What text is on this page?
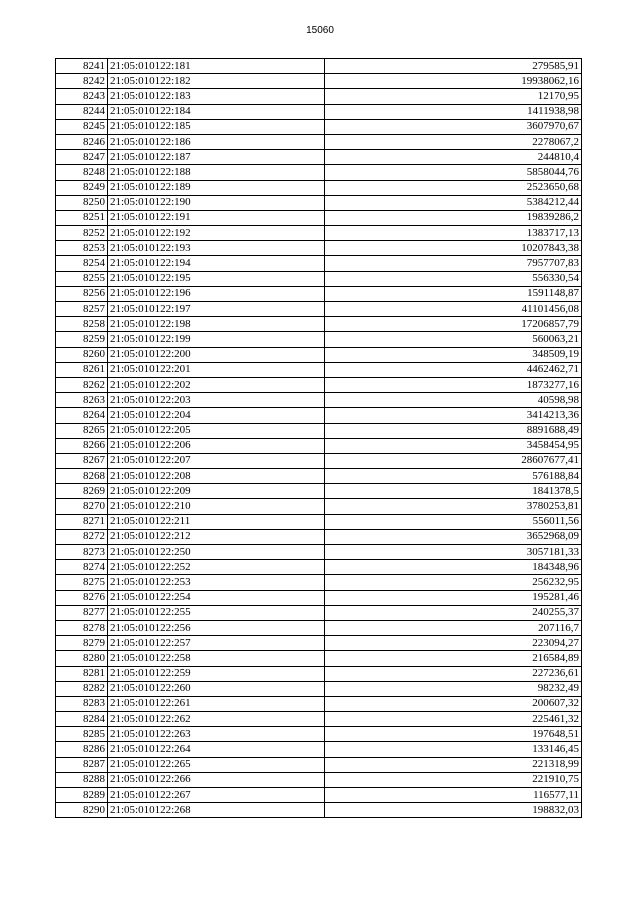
15060
8241	21:05:010122:181	279585,91
8242	21:05:010122:182	19938062,16
8243	21:05:010122:183	12170,95
8244	21:05:010122:184	1411938,98
8245	21:05:010122:185	3607970,67
8246	21:05:010122:186	2278067,2
8247	21:05:010122:187	244810,4
8248	21:05:010122:188	5858044,76
8249	21:05:010122:189	2523650,68
8250	21:05:010122:190	5384212,44
8251	21:05:010122:191	19839286,2
8252	21:05:010122:192	1383717,13
8253	21:05:010122:193	10207843,38
8254	21:05:010122:194	7957707,83
8255	21:05:010122:195	556330,54
8256	21:05:010122:196	1591148,87
8257	21:05:010122:197	41101456,08
8258	21:05:010122:198	17206857,79
8259	21:05:010122:199	560063,21
8260	21:05:010122:200	348509,19
8261	21:05:010122:201	4462462,71
8262	21:05:010122:202	1873277,16
8263	21:05:010122:203	40598,98
8264	21:05:010122:204	3414213,36
8265	21:05:010122:205	8891688,49
8266	21:05:010122:206	3458454,95
8267	21:05:010122:207	28607677,41
8268	21:05:010122:208	576188,84
8269	21:05:010122:209	1841378,5
8270	21:05:010122:210	3780253,81
8271	21:05:010122:211	556011,56
8272	21:05:010122:212	3652968,09
8273	21:05:010122:250	3057181,33
8274	21:05:010122:252	184348,96
8275	21:05:010122:253	256232,95
8276	21:05:010122:254	195281,46
8277	21:05:010122:255	240255,37
8278	21:05:010122:256	207116,7
8279	21:05:010122:257	223094,27
8280	21:05:010122:258	216584,89
8281	21:05:010122:259	227236,61
8282	21:05:010122:260	98232,49
8283	21:05:010122:261	200607,32
8284	21:05:010122:262	225461,32
8285	21:05:010122:263	197648,51
8286	21:05:010122:264	133146,45
8287	21:05:010122:265	221318,99
8288	21:05:010122:266	221910,75
8289	21:05:010122:267	116577,11
8290	21:05:010122:268	198832,03
